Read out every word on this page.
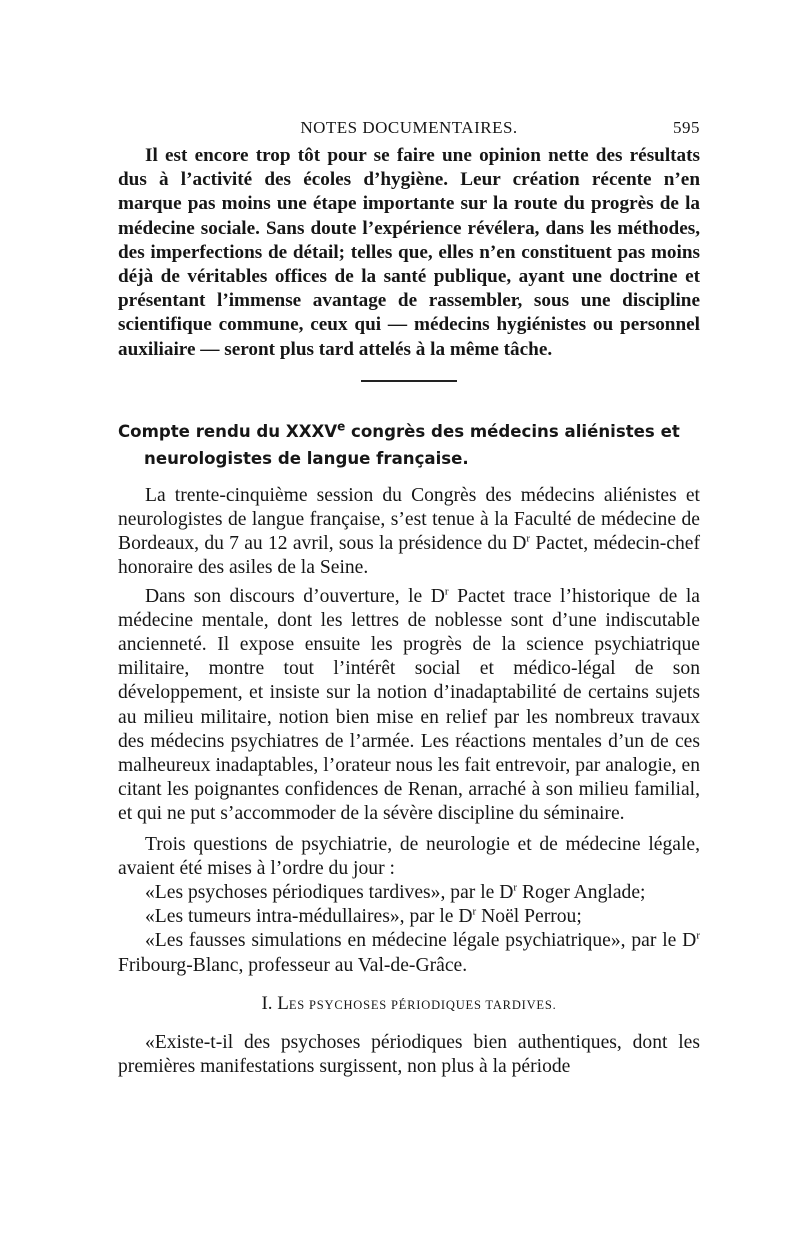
NOTES DOCUMENTAIRES.	595

Il est encore trop tôt pour se faire une opinion nette des résultats dus à l’activité des écoles d’hygiène. Leur création récente n’en marque pas moins une étape importante sur la route du progrès de la médecine sociale. Sans doute l’expérience révélera, dans les méthodes, des imperfections de détail; telles que, elles n’en constituent pas moins déjà de véritables offices de la santé publique, ayant une doctrine et présentant l’immense avantage de rassembler, sous une discipline scientifique commune, ceux qui — médecins hygiénistes ou personnel auxiliaire — seront plus tard attelés à la même tâche.

Compte rendu du XXXVe congrès des médecins aliénistes et neurologistes de langue française.

La trente-cinquième session du Congrès des médecins aliénistes et neurologistes de langue française, s’est tenue à la Faculté de médecine de Bordeaux, du 7 au 12 avril, sous la présidence du $D^r$ Pactet, médecin-chef honoraire des asiles de la Seine.

Dans son discours d’ouverture, le $D^r$ Pactet trace l’historique de la médecine mentale, dont les lettres de noblesse sont d’une indiscutable ancienneté. Il expose ensuite les progrès de la science psychiatrique militaire, montre tout l’intérêt social et médico-légal de son développement, et insiste sur la notion d’inadaptabilité de certains sujets au milieu militaire, notion bien mise en relief par les nombreux travaux des médecins psychiatres de l’armée. Les réactions mentales d’un de ces malheureux inadaptables, l’orateur nous les fait entrevoir, par analogie, en citant les poignantes confidences de Renan, arraché à son milieu familial, et qui ne put s’accommoder de la sévère discipline du séminaire.

Trois questions de psychiatrie, de neurologie et de médecine légale, avaient été mises à l’ordre du jour :

«Les psychoses périodiques tardives», par le $D^r$ Roger Anglade;

«Les tumeurs intra-médullaires», par le $D^r$ Noël Perrou;

«Les fausses simulations en médecine légale psychiatrique», par le $D^r$ Fribourg-Blanc, professeur au Val-de-Grâce.

I. LES PSYCHOSES PÉRIODIQUES TARDIVES.

«Existe-t-il des psychoses périodiques bien authentiques, dont les premières manifestations surgissent, non plus à la période
